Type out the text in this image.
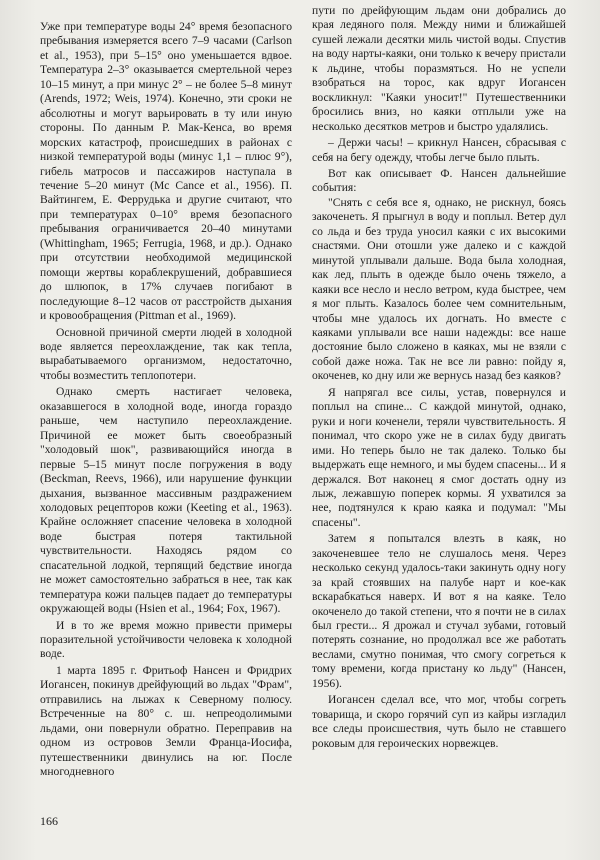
Уже при температуре воды 24° время безопасного пребывания измеряется всего 7–9 часами (Carlson et al., 1953), при 5–15° оно уменьшается вдвое. Температура 2–3° оказывается смертельной через 10–15 минут, а при минус 2° – не более 5–8 минут (Arends, 1972; Weis, 1974). Конечно, эти сроки не абсолютны и могут варьировать в ту или иную стороны. По данным Р. Мак-Кенса, во время морских катастроф, происшедших в районах с низкой температурой воды (минус 1,1 – плюс 9°), гибель матросов и пассажиров наступала в течение 5–20 минут (Mc Cance et al., 1956). П. Вайтингем, Е. Феррудька и другие считают, что при температурах 0–10° время безопасного пребывания ограничивается 20–40 минутами (Whittingham, 1965; Ferrugia, 1968, и др.). Однако при отсутствии необходимой медицинской помощи жертвы кораблекрушений, добравшиеся до шлюпок, в 17% случаев погибают в последующие 8–12 часов от расстройств дыхания и кровообращения (Pittman et al., 1969).

Основной причиной смерти людей в холодной воде является переохлаждение, так как тепла, вырабатываемого организмом, недостаточно, чтобы возместить теплопотери.

Однако смерть настигает человека, оказавшегося в холодной воде, иногда гораздо раньше, чем наступило переохлаждение. Причиной ее может быть своеобразный "холодовый шок", развивающийся иногда в первые 5–15 минут после погружения в воду (Beckman, Reevs, 1966), или нарушение функции дыхания, вызванное массивным раздражением холодовых рецепторов кожи (Keeting et al., 1963). Крайне осложняет спасение человека в холодной воде быстрая потеря тактильной чувствительности. Находясь рядом со спасательной лодкой, терпящий бедствие иногда не может самостоятельно забраться в нее, так как температура кожи пальцев падает до температуры окружающей воды (Hsien et al., 1964; Fox, 1967).

И в то же время можно привести примеры поразительной устойчивости человека к холодной воде.

1 марта 1895 г. Фритьоф Нансен и Фридрих Иогансен, покинув дрейфующий во льдах "Фрам", отправились на лыжах к Северному полюсу. Встреченные на 80° с. ш. непреодолимыми льдами, они повернули обратно. Переправив на одном из островов Земли Франца-Иосифа, путешественники двинулись на юг. После многодневного

пути по дрейфующим льдам они добрались до края ледяного поля. Между ними и ближайшей сушей лежали десятки миль чистой воды. Спустив на воду нарты-каяки, они только к вечеру пристали к льдине, чтобы поразмяться. Но не успели взобраться на торос, как вдруг Иогансен воскликнул: "Каяки уносит!" Путешественники бросились вниз, но каяки отплыли уже на несколько десятков метров и быстро удалялись.

– Держи часы! – крикнул Нансен, сбрасывая с себя на бегу одежду, чтобы легче было плыть.

Вот как описывает Ф. Нансен дальнейшие события:

"Снять с себя все я, однако, не рискнул, боясь закоченеть. Я прыгнул в воду и поплыл. Ветер дул со льда и без труда уносил каяки с их высокими снастями. Они отошли уже далеко и с каждой минутой уплывали дальше. Вода была холодная, как лед, плыть в одежде было очень тяжело, а каяки все несло и несло ветром, куда быстрее, чем я мог плыть. Казалось более чем сомнительным, чтобы мне удалось их догнать. Но вместе с каяками уплывали все наши надежды: все наше достояние было сложено в каяках, мы не взяли с собой даже ножа. Так не все ли равно: пойду я, окоченев, ко дну или же вернусь назад без каяков?

Я напрягал все силы, устав, повернулся и поплыл на спине... С каждой минутой, однако, руки и ноги коченели, теряли чувствительность. Я понимал, что скоро уже не в силах буду двигать ими. Но теперь было не так далеко. Только бы выдержать еще немного, и мы будем спасены... И я держался. Вот наконец я смог достать одну из лыж, лежавшую поперек кормы. Я ухватился за нее, подтянулся к краю каяка и подумал: "Мы спасены".

Затем я попытался влезть в каяк, но закоченевшее тело не слушалось меня. Через несколько секунд удалось-таки закинуть одну ногу за край стоявших на палубе нарт и кое-как вскарабкаться наверх. И вот я на каяке. Тело окоченело до такой степени, что я почти не в силах был грести... Я дрожал и стучал зубами, готовый потерять сознание, но продолжал все же работать веслами, смутно понимая, что смогу согреться к тому времени, когда пристану ко льду" (Нансен, 1956).

Иогансен сделал все, что мог, чтобы согреть товарища, и скоро горячий суп из кайры изгладил все следы происшествия, чуть было не ставшего роковым для героических норвежцев.

166
